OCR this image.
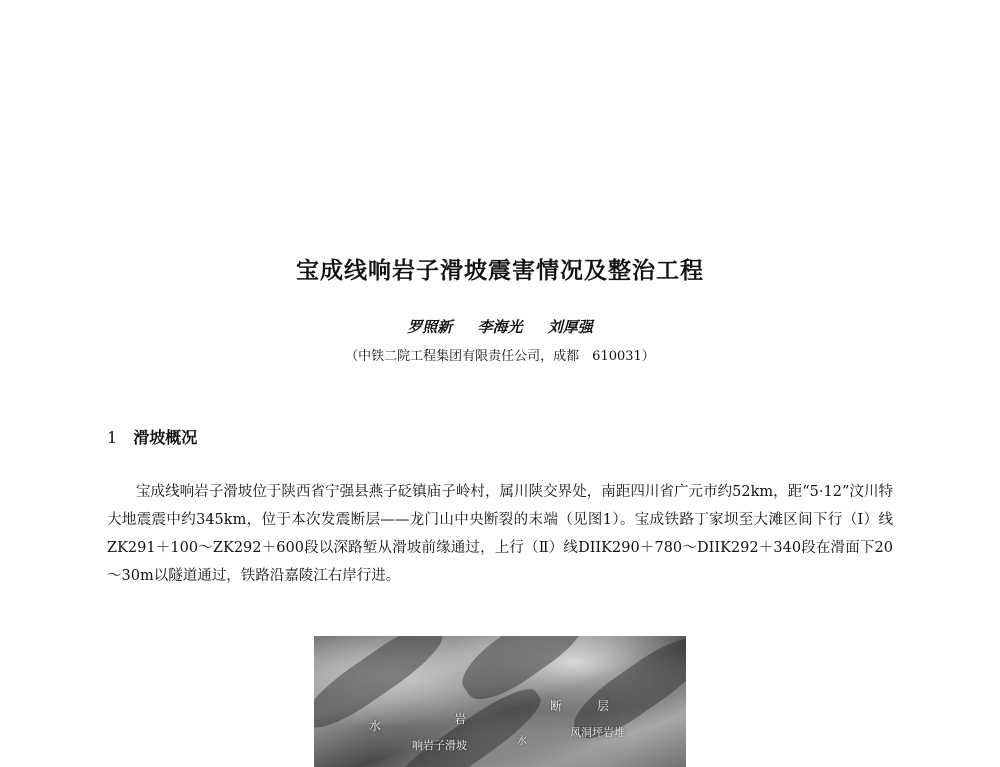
宝成线响岩子滑坡震害情况及整治工程
罗照新 李海光 刘厚强
（中铁二院工程集团有限责任公司，成都　610031）
1 滑坡概况
宝成线响岩子滑坡位于陕西省宁强县燕子砭镇庙子岭村，属川陕交界处，南距四川省广元市约52km，距“5·12”汶川特大地震震中约345km，位于本次发震断层——龙门山中央断裂的末端（见图1）。宝成铁路丁家坝至大滩区间下行（Ⅰ）线ZK291＋100～ZK292＋600段以深路堑从滑坡前缘通过，上行（Ⅱ）线DIIK290＋780～DIIK292＋340段在滑面下20～30m以隧道通过，铁路沿嘉陵江右岸行进。
水	岩
断	层
响岩子滑坡	水
风洞坪岩堆
